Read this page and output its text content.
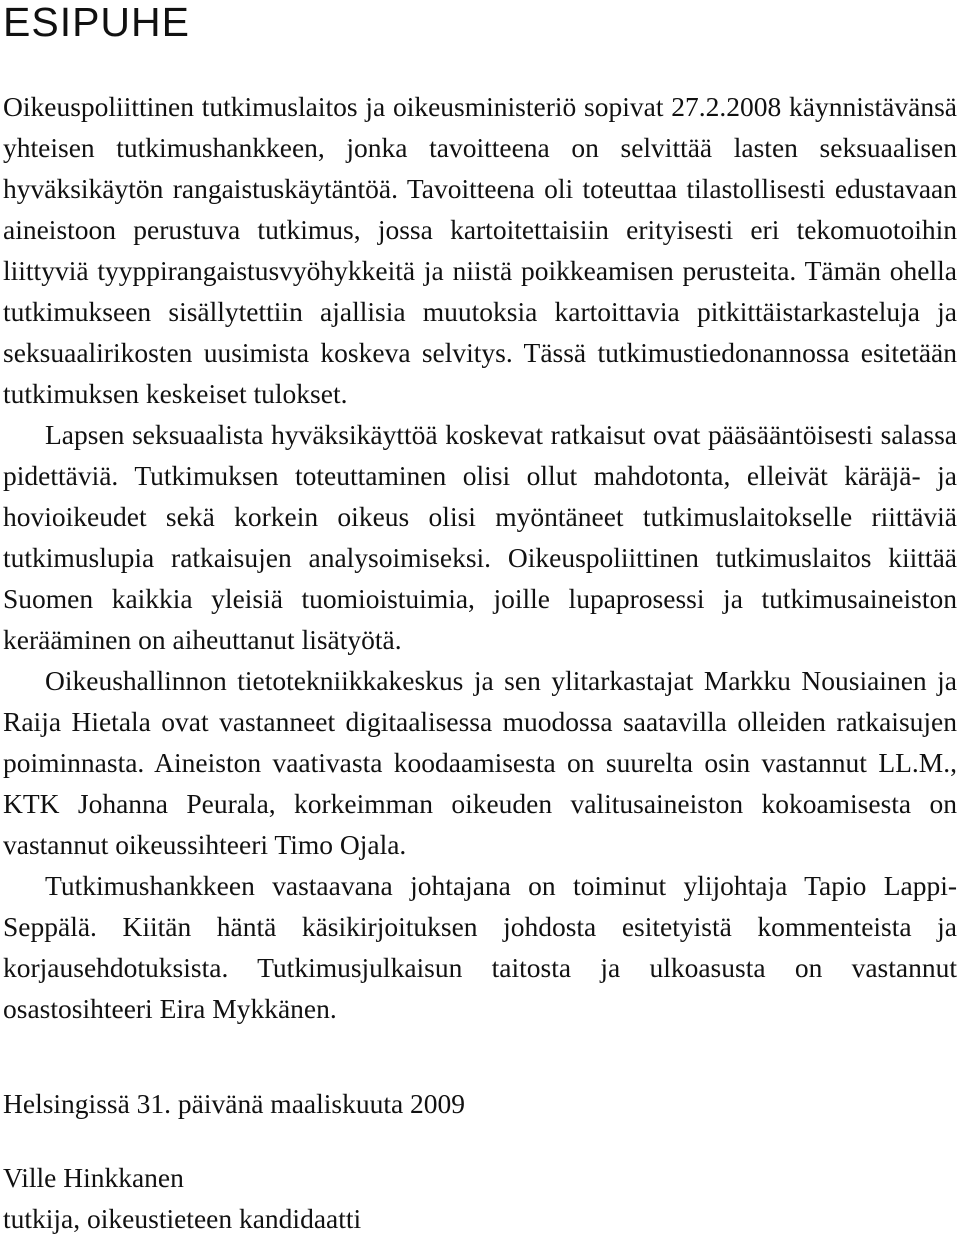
ESIPUHE

Oikeuspoliittinen tutkimuslaitos ja oikeusministeriö sopivat 27.2.2008 käynnistävänsä yhteisen tutkimushankkeen, jonka tavoitteena on selvittää lasten seksuaalisen hyväksikäytön rangaistuskäytäntöä. Tavoitteena oli toteuttaa tilastollisesti edustavaan aineistoon perustuva tutkimus, jossa kartoitettaisiin erityisesti eri tekomuotoihin liittyviä tyyppirangaistusvyöhykkeitä ja niistä poikkeamisen perusteita. Tämän ohella tutkimukseen sisällytettiin ajallisia muutoksia kartoittavia pitkittäistarkasteluja ja seksuaalirikosten uusimista koskeva selvitys. Tässä tutkimustiedonannossa esitetään tutkimuksen keskeiset tulokset.

Lapsen seksuaalista hyväksikäyttöä koskevat ratkaisut ovat pääsääntöisesti salassa pidettäviä. Tutkimuksen toteuttaminen olisi ollut mahdotonta, elleivät käräjä- ja hovioikeudet sekä korkein oikeus olisi myöntäneet tutkimuslaitokselle riittäviä tutkimuslupia ratkaisujen analysoimiseksi. Oikeuspoliittinen tutkimuslaitos kiittää Suomen kaikkia yleisiä tuomioistuimia, joille lupaprosessi ja tutkimusaineiston kerääminen on aiheuttanut lisätyötä.

Oikeushallinnon tietotekniikkakeskus ja sen ylitarkastajat Markku Nousiainen ja Raija Hietala ovat vastanneet digitaalisessa muodossa saatavilla olleiden ratkaisujen poiminnasta. Aineiston vaativasta koodaamisesta on suurelta osin vastannut LL.M., KTK Johanna Peurala, korkeimman oikeuden valitusaineiston kokoamisesta on vastannut oikeussihteeri Timo Ojala.

Tutkimushankkeen vastaavana johtajana on toiminut ylijohtaja Tapio Lappi-Seppälä. Kiitän häntä käsikirjoituksen johdosta esitetyistä kommenteista ja korjausehdotuksista. Tutkimusjulkaisun taitosta ja ulkoasusta on vastannut osastosihteeri Eira Mykkänen.

Helsingissä 31. päivänä maaliskuuta 2009

Ville Hinkkanen

tutkija, oikeustieteen kandidaatti
